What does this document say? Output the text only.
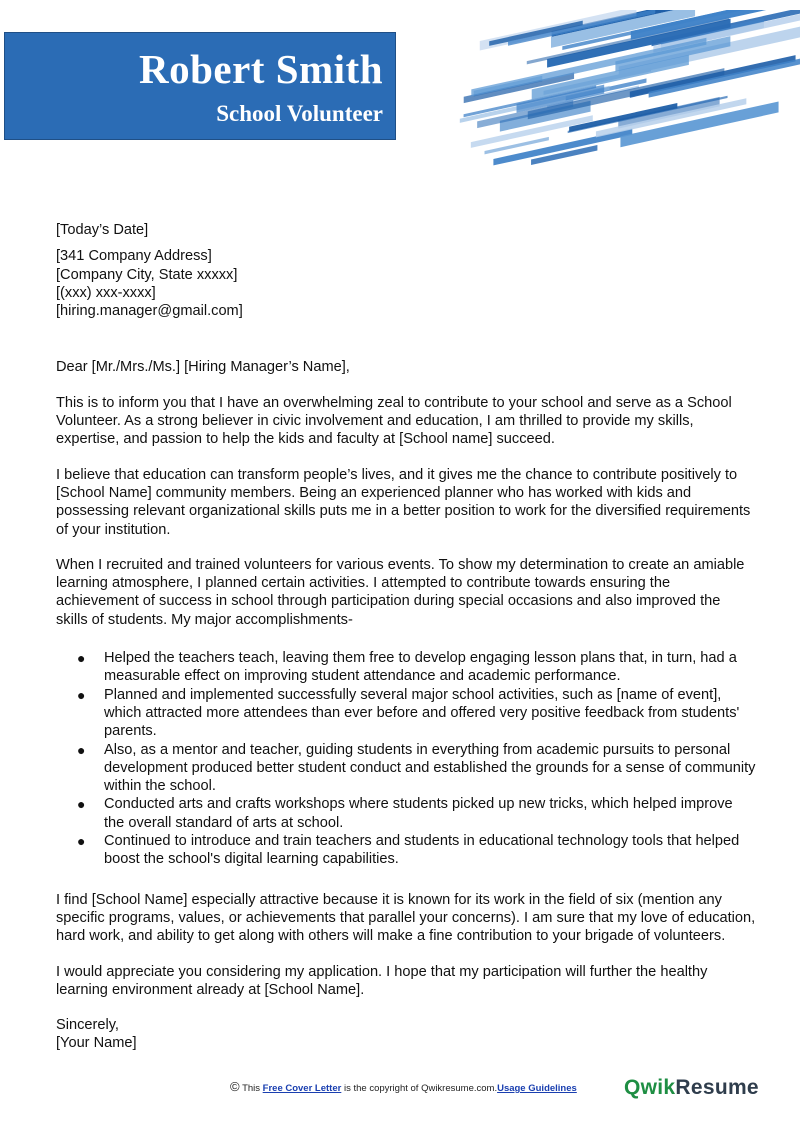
Robert Smith
School Volunteer
[Today’s Date]
[341 Company Address]
[Company City, State xxxxx]
[(xxx) xxx-xxxx]
[hiring.manager@gmail.com]

Dear [Mr./Mrs./Ms.] [Hiring Manager’s Name],

This is to inform you that I have an overwhelming zeal to contribute to your school and serve as a School Volunteer. As a strong believer in civic involvement and education, I am thrilled to provide my skills, expertise, and passion to help the kids and faculty at [School name] succeed.

I believe that education can transform people’s lives, and it gives me the chance to contribute positively to [School Name] community members. Being an experienced planner who has worked with kids and possessing relevant organizational skills puts me in a better position to work for the diversified requirements of your institution.

When I recruited and trained volunteers for various events. To show my determination to create an amiable learning atmosphere, I planned certain activities. I attempted to contribute towards ensuring the achievement of success in school through participation during special occasions and also improved the skills of students. My major accomplishments-

● Helped the teachers teach, leaving them free to develop engaging lesson plans that, in turn, had a measurable effect on improving student attendance and academic performance.
● Planned and implemented successfully several major school activities, such as [name of event], which attracted more attendees than ever before and offered very positive feedback from students' parents.
● Also, as a mentor and teacher, guiding students in everything from academic pursuits to personal development produced better student conduct and established the grounds for a sense of community within the school.
● Conducted arts and crafts workshops where students picked up new tricks, which helped improve the overall standard of arts at school.
● Continued to introduce and train teachers and students in educational technology tools that helped boost the school's digital learning capabilities.

I find [School Name] especially attractive because it is known for its work in the field of six (mention any specific programs, values, or achievements that parallel your concerns). I am sure that my love of education, hard work, and ability to get along with others will make a fine contribution to your brigade of volunteers.

I would appreciate you considering my application. I hope that my participation will further the healthy learning environment already at [School Name].

Sincerely,
[Your Name]
© This Free Cover Letter is the copyright of Qwikresume.com.Usage Guidelines QwikResume
